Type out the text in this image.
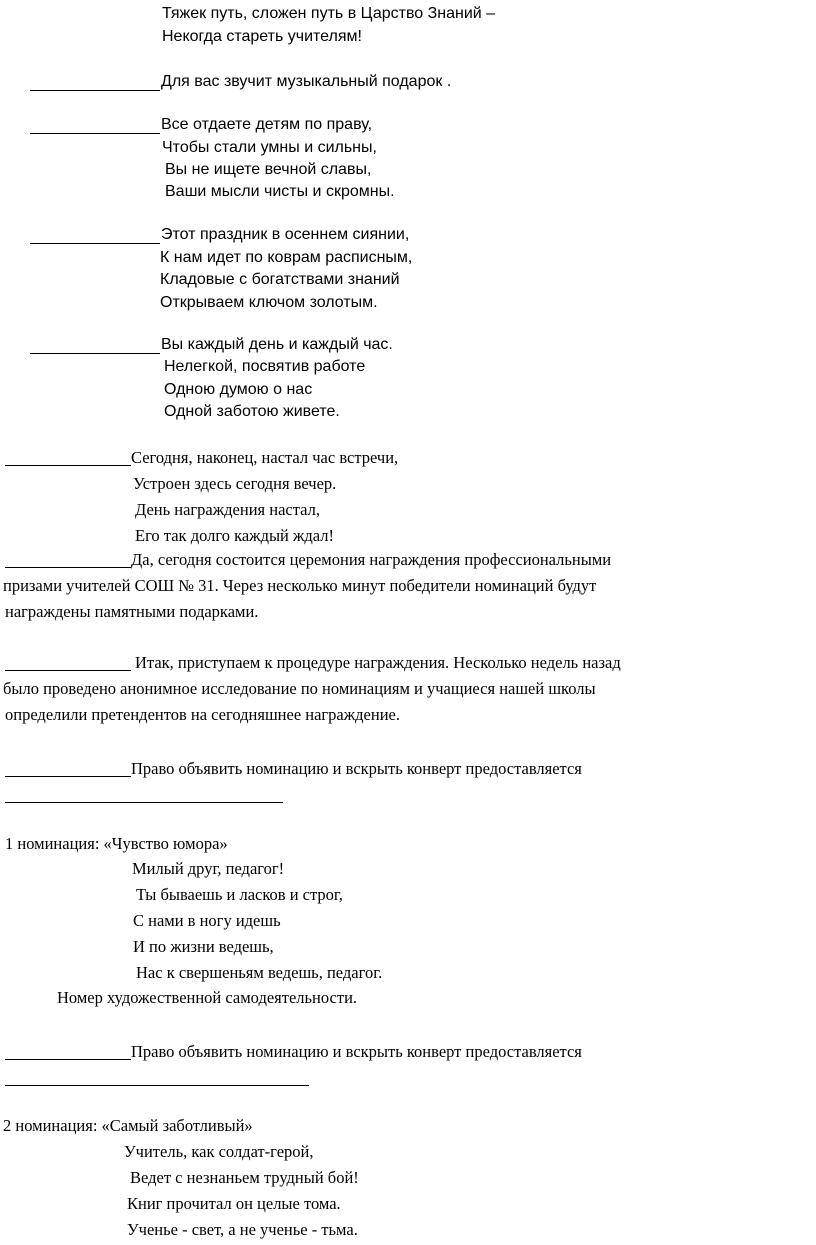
Тяжек путь, сложен путь в Царство Знаний –
Некогда стареть учителям!
Для вас звучит музыкальный подарок .
Все отдаете детям по праву,
Чтобы стали умны и сильны,
Вы не ищете вечной славы,
Ваши мысли чисты и скромны.
Этот праздник в осеннем сиянии,
К нам идет по коврам расписным,
Кладовые с богатствами знаний
Открываем ключом золотым.
Вы каждый день и каждый час.
Нелегкой, посвятив работе
Одною думою о нас
Одной заботою живете.
Сегодня, наконец, настал час встречи,
Устроен здесь сегодня вечер.
День награждения настал,
Его так долго каждый ждал!
Да, сегодня состоится церемония награждения профессиональными
призами учителей СОШ № 31. Через несколько минут победители номинаций будут
награждены памятными подарками.
Итак, приступаем к процедуре награждения. Несколько недель назад
было проведено анонимное исследование по номинациям и учащиеся нашей школы
определили претендентов на сегодняшнее награждение.
Право объявить номинацию и вскрыть конверт предоставляется
1 номинация: «Чувство юмора»
Милый друг, педагог!
Ты бываешь и ласков и строг,
С нами в ногу идешь
И по жизни ведешь,
Нас к свершеньям ведешь, педагог.
Номер художественной самодеятельности.
Право объявить номинацию и вскрыть конверт предоставляется
2 номинация: «Самый заботливый»
Учитель, как солдат-герой,
Ведет с незнаньем трудный бой!
Книг прочитал он целые тома.
Ученье - свет, а не ученье - тьма.
